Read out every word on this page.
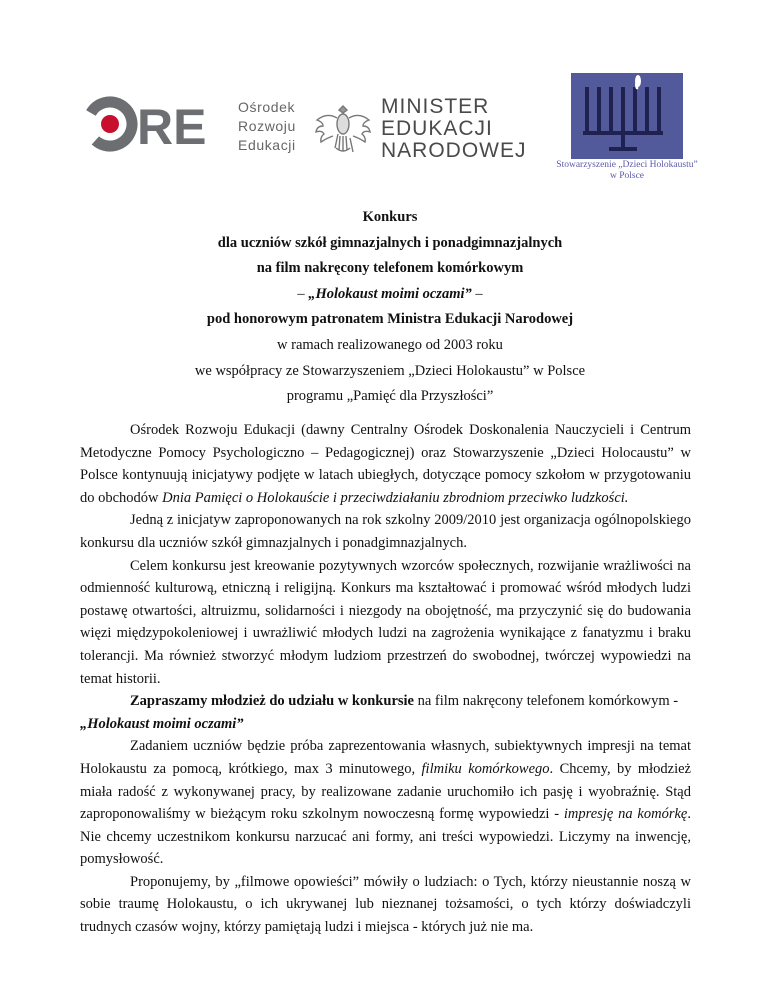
RE Ośrodek
Rozwoju
Edukacji
MINISTER
EDUKACJI
NARODOWEJ
Stowarzyszenie „Dzieci Holokaustu”
w Polsce
Konkurs
dla uczniów szkół gimnazjalnych i ponadgimnazjalnych
na film nakręcony telefonem komórkowym
– „Holokaust moimi oczami” –
pod honorowym patronatem Ministra Edukacji Narodowej
w ramach realizowanego od 2003 roku
we współpracy ze Stowarzyszeniem „Dzieci Holokaustu” w Polsce
programu „Pamięć dla Przyszłości”

Ośrodek Rozwoju Edukacji (dawny Centralny Ośrodek Doskonalenia Nauczycieli i Centrum Metodyczne Pomocy Psychologiczno – Pedagogicznej) oraz Stowarzyszenie „Dzieci Holocaustu” w Polsce kontynuują inicjatywy podjęte w latach ubiegłych, dotyczące pomocy szkołom w przygotowaniu do obchodów Dnia Pamięci o Holokauście i przeciwdziałaniu zbrodniom przeciwko ludzkości.

Jedną z inicjatyw zaproponowanych na rok szkolny 2009/2010 jest organizacja ogólnopolskiego konkursu dla uczniów szkół gimnazjalnych i ponadgimnazjalnych.

Celem konkursu jest kreowanie pozytywnych wzorców społecznych, rozwijanie wrażliwości na odmienność kulturową, etniczną i religijną. Konkurs ma kształtować i promować wśród młodych ludzi postawę otwartości, altruizmu, solidarności i niezgody na obojętność, ma przyczynić się do budowania więzi międzypokoleniowej i uwrażliwić młodych ludzi na zagrożenia wynikające z fanatyzmu i braku tolerancji. Ma również stworzyć młodym ludziom przestrzeń do swobodnej, twórczej wypowiedzi na temat historii.

Zapraszamy młodzież do udziału w konkursie na film nakręcony telefonem komórkowym -

„Holokaust moimi oczami”

Zadaniem uczniów będzie próba zaprezentowania własnych, subiektywnych impresji na temat Holokaustu za pomocą, krótkiego, max 3 minutowego, filmiku komórkowego. Chcemy, by młodzież miała radość z wykonywanej pracy, by realizowane zadanie uruchomiło ich pasję i wyobraźnię. Stąd zaproponowaliśmy w bieżącym roku szkolnym nowoczesną formę wypowiedzi - impresję na komórkę. Nie chcemy uczestnikom konkursu narzucać ani formy, ani treści wypowiedzi. Liczymy na inwencję, pomysłowość.

Proponujemy, by „filmowe opowieści” mówiły o ludziach: o Tych, którzy nieustannie noszą w sobie traumę Holokaustu, o ich ukrywanej lub nieznanej tożsamości, o tych którzy doświadczyli trudnych czasów wojny, którzy pamiętają ludzi i miejsca - których już nie ma.
